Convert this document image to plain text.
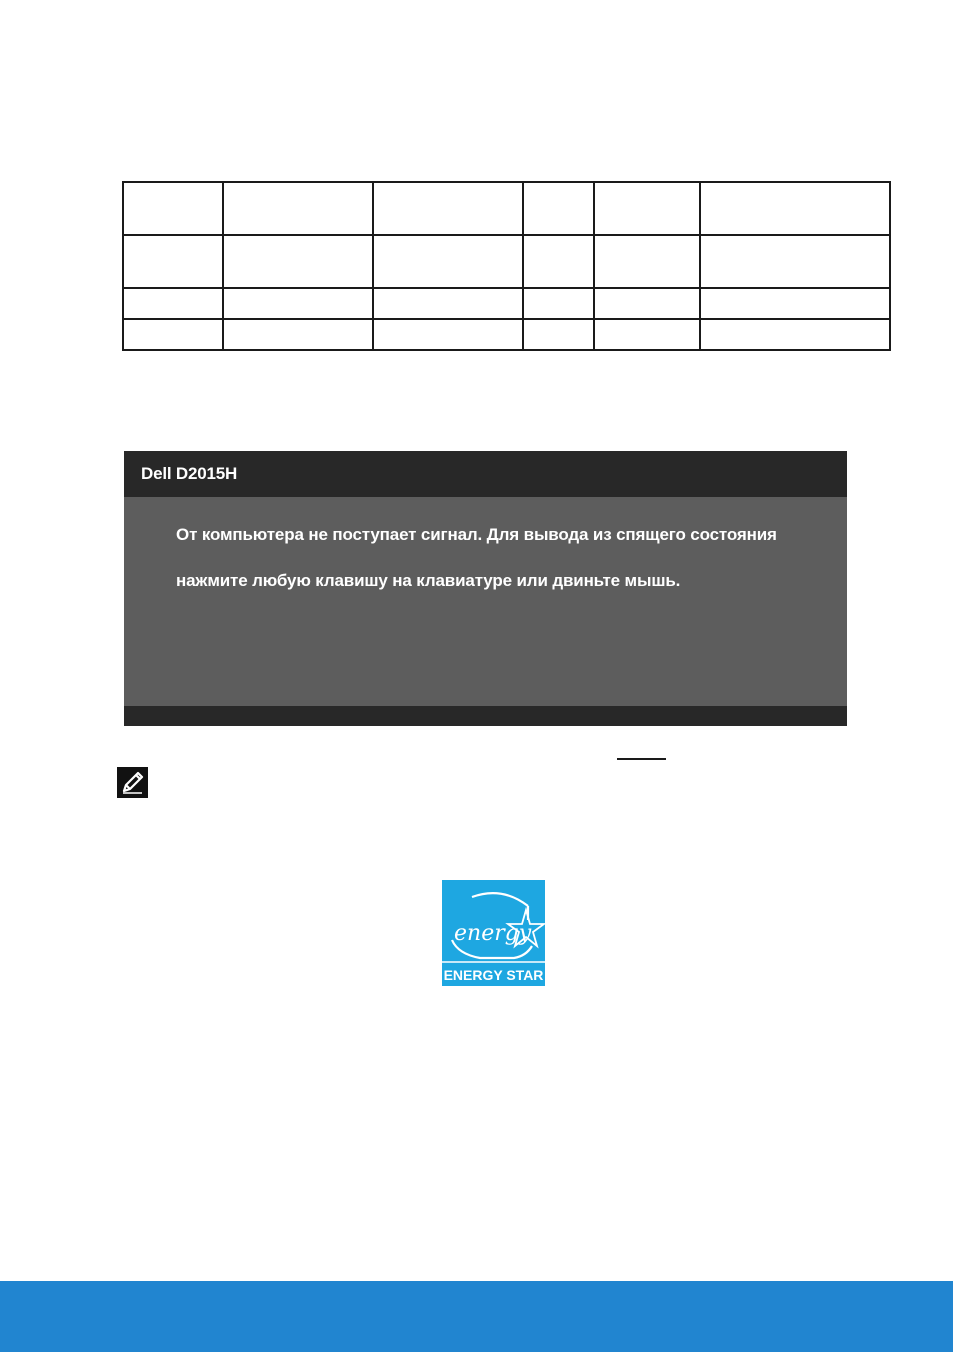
Dell D2015H
От компьютера не поступает сигнал. Для вывода из спящего состояния
нажмите любую клавишу на клавиатуре или двиньте мышь.
energy
ENERGY STAR
